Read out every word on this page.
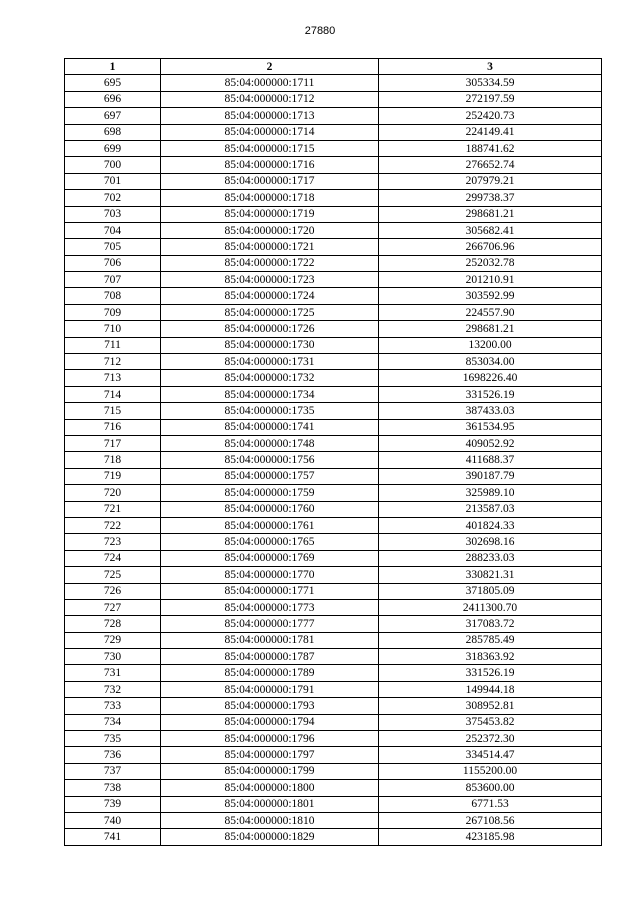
27880
1	2	3
695	85:04:000000:1711	305334.59
696	85:04:000000:1712	272197.59
697	85:04:000000:1713	252420.73
698	85:04:000000:1714	224149.41
699	85:04:000000:1715	188741.62
700	85:04:000000:1716	276652.74
701	85:04:000000:1717	207979.21
702	85:04:000000:1718	299738.37
703	85:04:000000:1719	298681.21
704	85:04:000000:1720	305682.41
705	85:04:000000:1721	266706.96
706	85:04:000000:1722	252032.78
707	85:04:000000:1723	201210.91
708	85:04:000000:1724	303592.99
709	85:04:000000:1725	224557.90
710	85:04:000000:1726	298681.21
711	85:04:000000:1730	13200.00
712	85:04:000000:1731	853034.00
713	85:04:000000:1732	1698226.40
714	85:04:000000:1734	331526.19
715	85:04:000000:1735	387433.03
716	85:04:000000:1741	361534.95
717	85:04:000000:1748	409052.92
718	85:04:000000:1756	411688.37
719	85:04:000000:1757	390187.79
720	85:04:000000:1759	325989.10
721	85:04:000000:1760	213587.03
722	85:04:000000:1761	401824.33
723	85:04:000000:1765	302698.16
724	85:04:000000:1769	288233.03
725	85:04:000000:1770	330821.31
726	85:04:000000:1771	371805.09
727	85:04:000000:1773	2411300.70
728	85:04:000000:1777	317083.72
729	85:04:000000:1781	285785.49
730	85:04:000000:1787	318363.92
731	85:04:000000:1789	331526.19
732	85:04:000000:1791	149944.18
733	85:04:000000:1793	308952.81
734	85:04:000000:1794	375453.82
735	85:04:000000:1796	252372.30
736	85:04:000000:1797	334514.47
737	85:04:000000:1799	1155200.00
738	85:04:000000:1800	853600.00
739	85:04:000000:1801	6771.53
740	85:04:000000:1810	267108.56
741	85:04:000000:1829	423185.98
